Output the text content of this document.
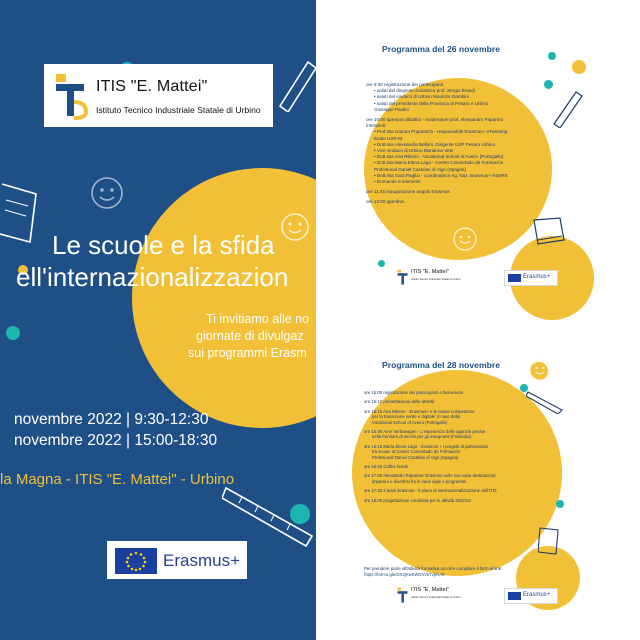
ITIS "E. Mattei"
Istituto Tecnico Industriale Statale di Urbino
Le scuole e la sfida
ell'internazionalizzazion
Ti invitiamo alle no
giornate di divulgaz
sui programmi Erasm
novembre 2022 | 9:30-12:30
novembre 2022 | 15:00-18:30
la Magna - ITIS "E. Mattei" - Urbino
Erasmus+
Programma del 26 novembre
ore 9:30 registrazione dei partecipanti
• saluti del dirigente scolastico prof. Sergio Brandi
• saluti del sindaco di Urbino Maurizio Gambini
• saluti del presidente della Provincia di Pesaro e Urbino
Giuseppe Paolini
ore 10:00 apertura dibattito - moderatore prof. Alessandro Paparoni
Interventi:
• Prof.ssa Gianna Prapotnich - responsabile Erasmus+ eTwinning
Epale USR-M
• Dott.ssa Alessandra Belloni, Dirigente USP Pesaro Urbino
• Vice sindaco di Urbino Marianna Vetri
• Dott.ssa Ana Ribeiro - Vocational School of Aveiro (Portogallo)
• Dott.ssa Maria Elena Lago - Centro Concertado de Formación
Profesional Daniel Castelao di Vigo (Spagna)
• Dott.ssa Sara Pagliai - coordinatrice Ag. Naz. Erasmus+ INDIRE
• Domande e interventi
ore 11:45 inaugurazione angolo Erasmus
ore 12:00 aperitivo
ITIS "E. Mattei"
Istituto Tecnico Industriale Statale di Urbino	Erasmus+
Programma del 28 novembre
ore 15:00 registrazione dei partecipanti e benvenuto
ore 15:10 presentazione delle attività
ore 15:15 Ana Ribeiro - Erasmus+ e le nuove competenze
per la transizione verde e digitale: il caso della
Vocational School of Aveiro (Portogallo)
ore 15:45 Arne Verhaeagen - L'esperienza delle agenzie private
nella fornitura di servizi per gli insegnanti (Finlandia)
ore 16:15 María Elena Lago - Erasmus + i progetti di partenariato
tra scuole al Centro Concertado de Formación
Profesional Daniel Castelao di Vigo (Spagna)
ore 16:45 Coffee break
ore 17:00 Alessandro Paparoni: Erasmus nelle sue varie destinazioni:
imparare e divertirsi fra le varie sigle e programmi
ore 17:30 Il team Erasmus - Il piano di internazionalizzazione dell'ITIS
ore 18:00 progettazione condivisa per le attività 2022/23
Per prendere parte all'attività formativa occorre compilare il form al link:
https://forms.gle/DX2jKeEWDVvkTvpKA8
ITIS "E. Mattei"
Istituto Tecnico Industriale Statale di Urbino	Erasmus+
